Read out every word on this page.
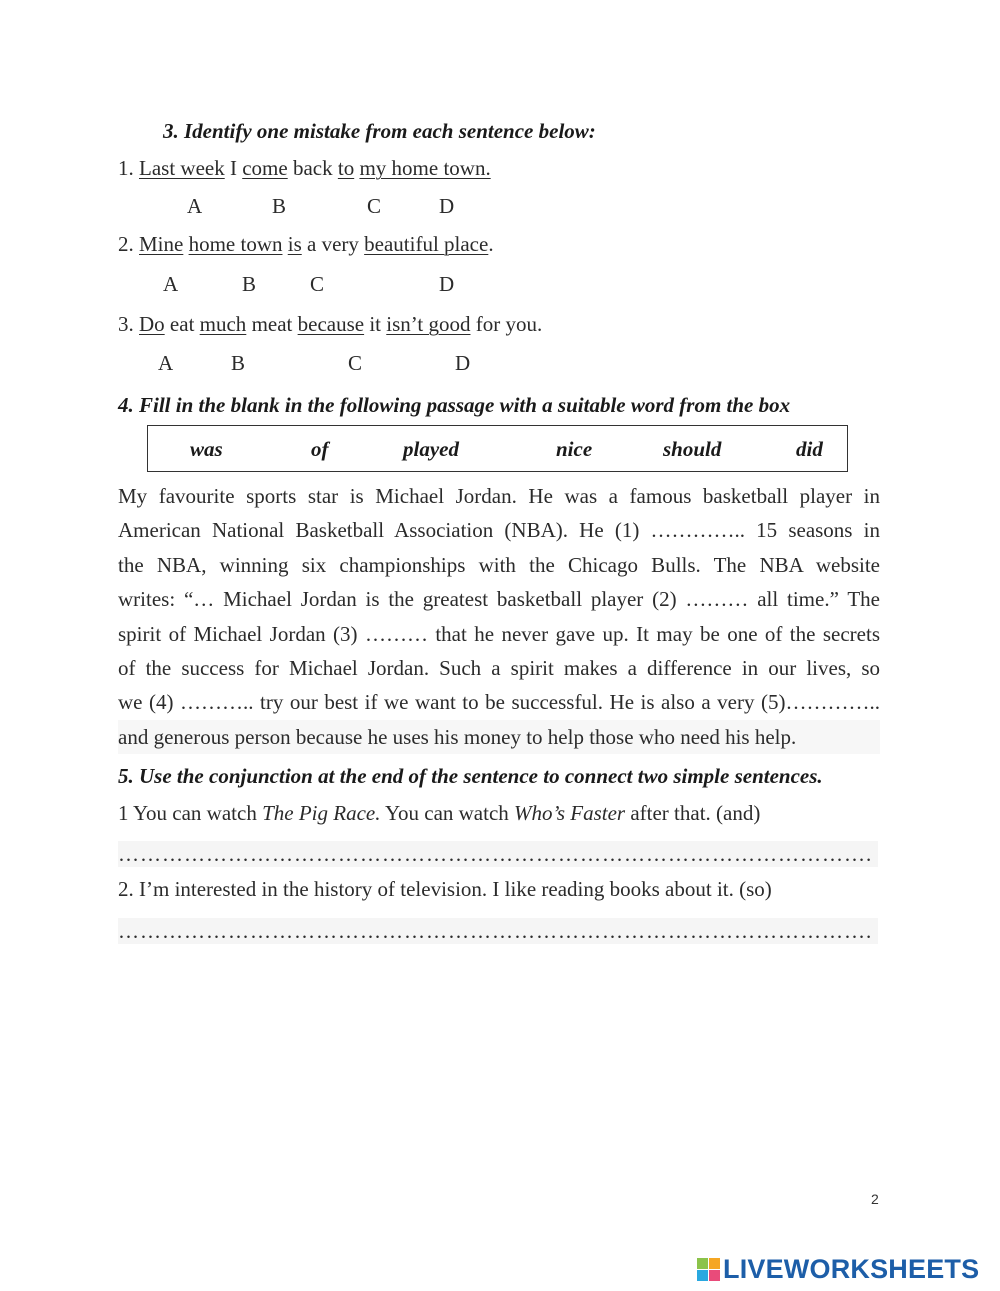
3. Identify one mistake from each sentence below:
1. Last week I come back to my home town.
A	B	C	D
2. Mine home town is a very beautiful place.
A	B	C	D
3. Do eat much meat because it isn’t good for you.
A	B	C	D
4. Fill in the blank in the following passage with a suitable word from the box
was	of	played	nice	should	did
My favourite sports star is Michael Jordan. He was a famous basketball player in
American National Basketball Association (NBA). He (1) ………….. 15 seasons in
the NBA, winning six championships with the Chicago Bulls. The NBA website
writes: “… Michael Jordan is the greatest basketball player (2) ……… all time.” The
spirit of Michael Jordan (3) ……… that he never gave up. It may be one of the secrets
of the success for Michael Jordan. Such a spirit makes a difference in our lives, so
we (4) ……….. try our best if we want to be successful. He is also a very (5)…………..
and generous person because he uses his money to help those who need his help.
5. Use the conjunction at the end of the sentence to connect two simple sentences.
1 You can watch The Pig Race. You can watch Who’s Faster after that. (and)
………………………………………………………………………………………….
2. I’m interested in the history of television. I like reading books about it. (so)
………………………………………………………………………………………….
2
LIVEWORKSHEETS
